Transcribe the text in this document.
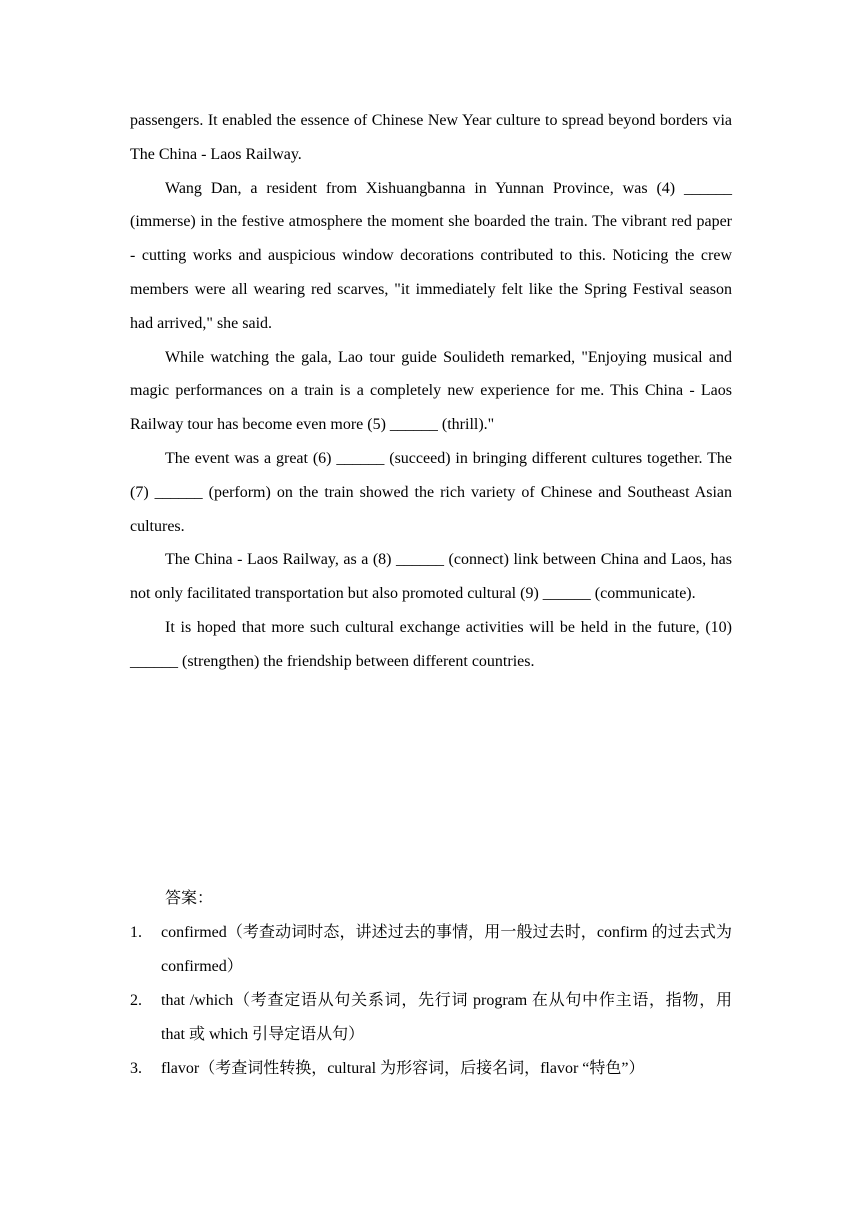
passengers. It enabled the essence of Chinese New Year culture to spread beyond borders via The China - Laos Railway.

Wang Dan, a resident from Xishuangbanna in Yunnan Province, was (4) ______ (immerse) in the festive atmosphere the moment she boarded the train. The vibrant red paper - cutting works and auspicious window decorations contributed to this. Noticing the crew members were all wearing red scarves, "it immediately felt like the Spring Festival season had arrived," she said.

While watching the gala, Lao tour guide Soulideth remarked, "Enjoying musical and magic performances on a train is a completely new experience for me. This China - Laos Railway tour has become even more (5) ______ (thrill)."

The event was a great (6) ______ (succeed) in bringing different cultures together. The (7) ______ (perform) on the train showed the rich variety of Chinese and Southeast Asian cultures.

The China - Laos Railway, as a (8) ______ (connect) link between China and Laos, has not only facilitated transportation but also promoted cultural (9) ______ (communicate).

It is hoped that more such cultural exchange activities will be held in the future, (10) ______ (strengthen) the friendship between different countries.

答案：

1. confirmed（考查动词时态，讲述过去的事情，用一般过去时，confirm 的过去式为 confirmed）
2. that /which（考查定语从句关系词，先行词 program 在从句中作主语，指物，用 that 或 which 引导定语从句）
3. flavor（考查词性转换，cultural 为形容词，后接名词，flavor “特色”）
